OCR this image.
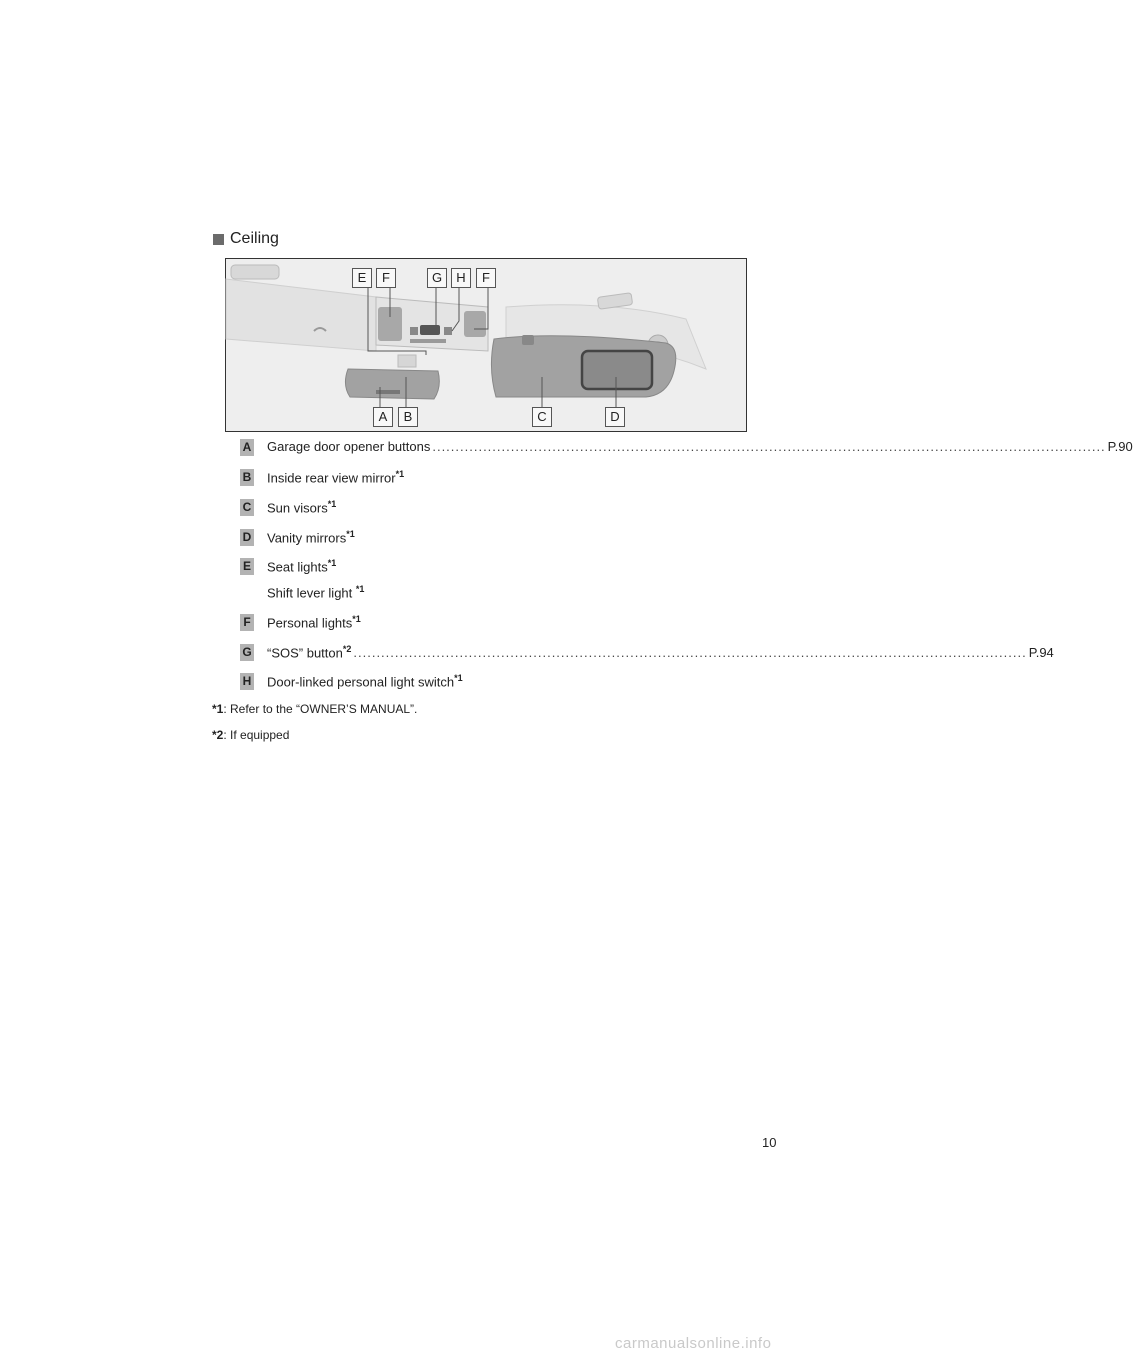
Ceiling
E	F	G	H	F
A	B	C	D
A Garage door opener buttons .................................................................................................................................................. P.90
B Inside rear view mirror$^{*1}$
C Sun visors$^{*1}$
D Vanity mirrors$^{*1}$
E Seat lights$^{*1}$
Shift lever light $^{*1}$
F Personal lights$^{*1}$
G “SOS” button$^{*2}$ .................................................................................................................................................. P.94
H Door-linked personal light switch$^{*1}$
*1: Refer to the “OWNER’S MANUAL”.
*2: If equipped
10
carmanualsonline.info
